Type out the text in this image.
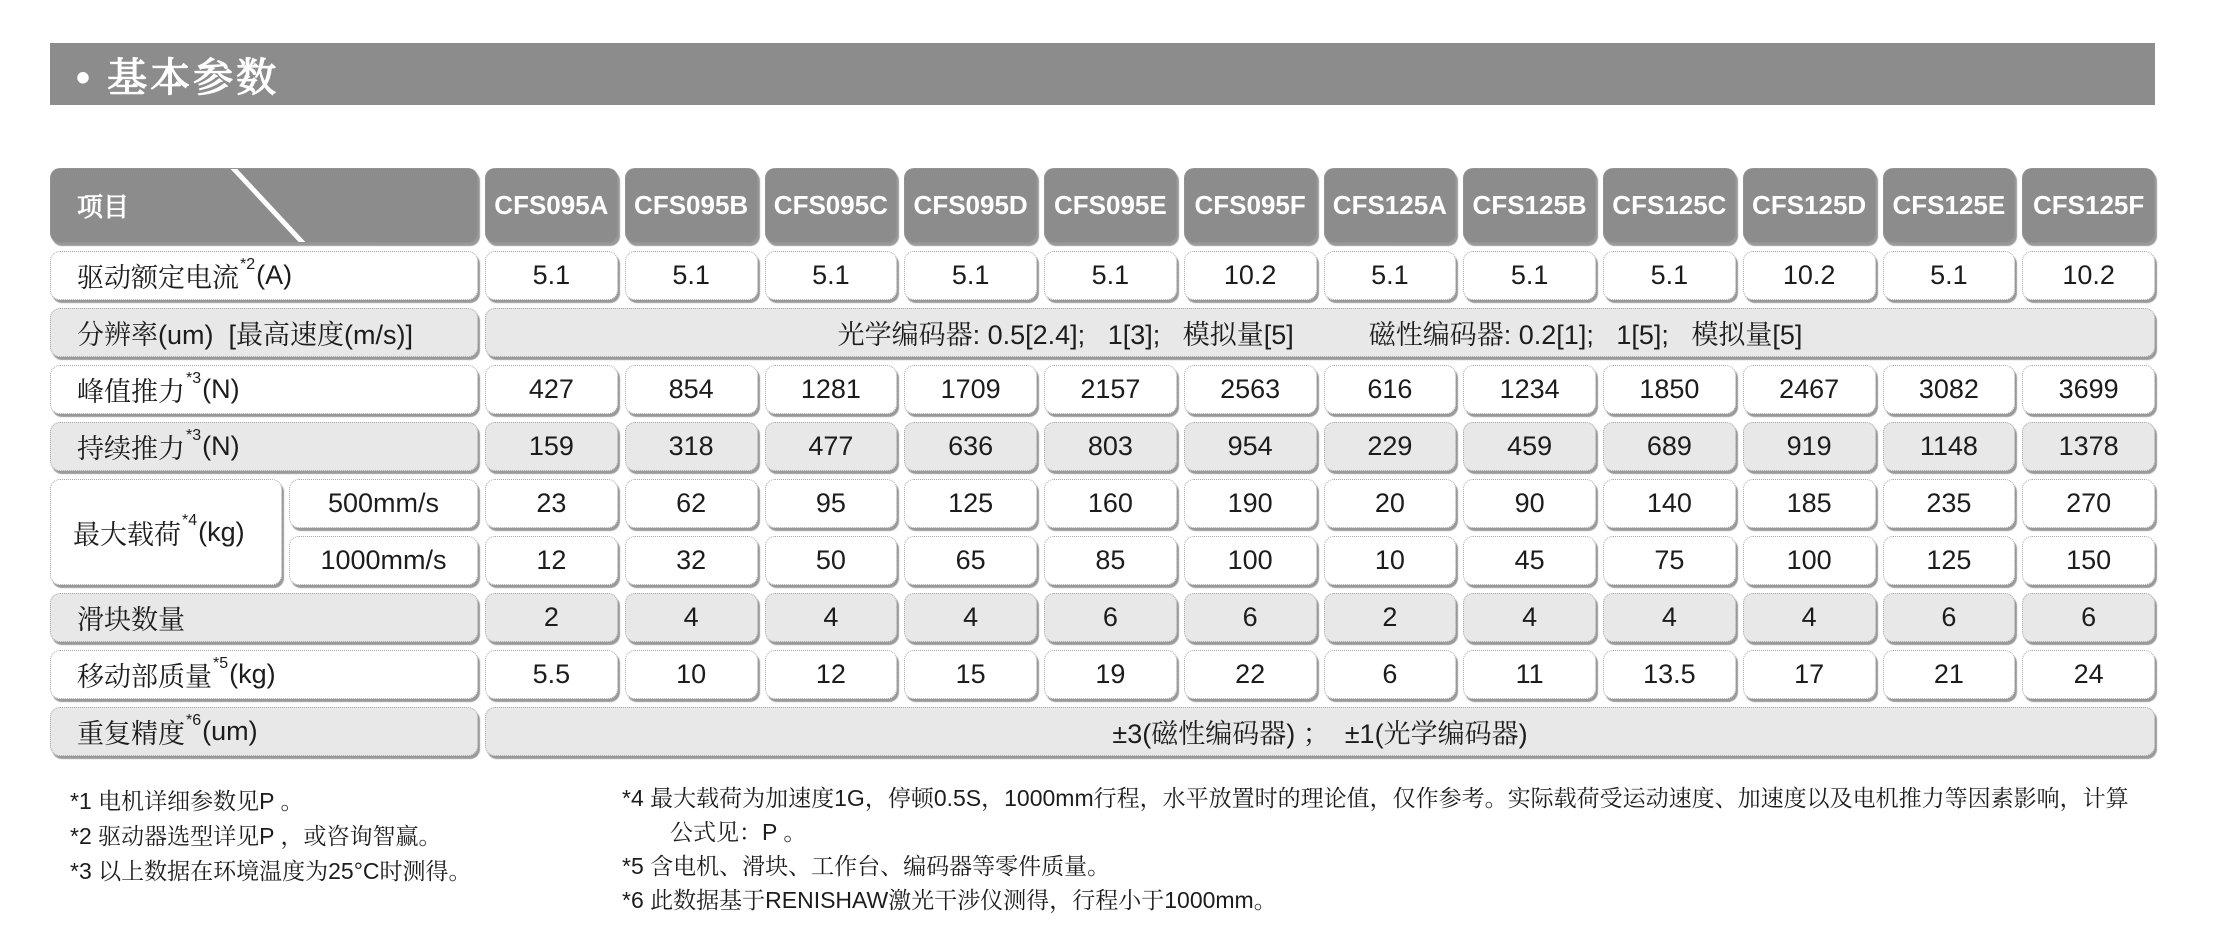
• 基本参数
项目	CFS095A CFS095B CFS095C CFS095D	CFS095E	CFS095F	CFS125A CFS125B CFS125C CFS125D	CFS125E	CFS125F
驱动额定电流 *2 (A)	5.1	5.1	5.1	5.1	5.1	10.2	5.1	5.1	5.1	10.2	5.1	10.2
分辨率(um)  [最高速度(m/s)]	光学编码器: 0.5[2.4];   1[3];   模拟量[5]          磁性编码器: 0.2[1];   1[5];   模拟量[5]
峰值推力 *3 (N)	427	854	1281	1709	2157	2563	616	1234	1850	2467	3082	3699
持续推力 *3 (N)	159	318	477	636	803	954	229	459	689	919	1148	1378
最大载荷 *4 (kg)
500mm/s	23	62	95	125	160	190	20	90	140	185	235	270
1000mm/s	12	32	50	65	85	100	10	45	75	100	125	150
滑块数量	2	4	4	4	6	6	2	4	4	4	6	6
移动部质量 *5 (kg)	5.5	10	12	15	19	22	6	11	13.5	17	21	24
重复精度 *6 (um)	±3(磁性编码器) ；  ±1(光学编码器)
*1 电机详细参数见P 。
*2 驱动器选型详见P ，或咨询智赢。
*3 以上数据在环境温度为25°C时测得。
*4 最大载荷为加速度1G，停顿0.5S，1000mm行程，水平放置时的理论值，仅作参考。实际载荷受运动速度、加速度以及电机推力等因素影响，计算
公式见：P 。
*5 含电机、滑块、工作台、编码器等零件质量。
*6 此数据基于RENISHAW激光干涉仪测得，行程小于1000mm。
